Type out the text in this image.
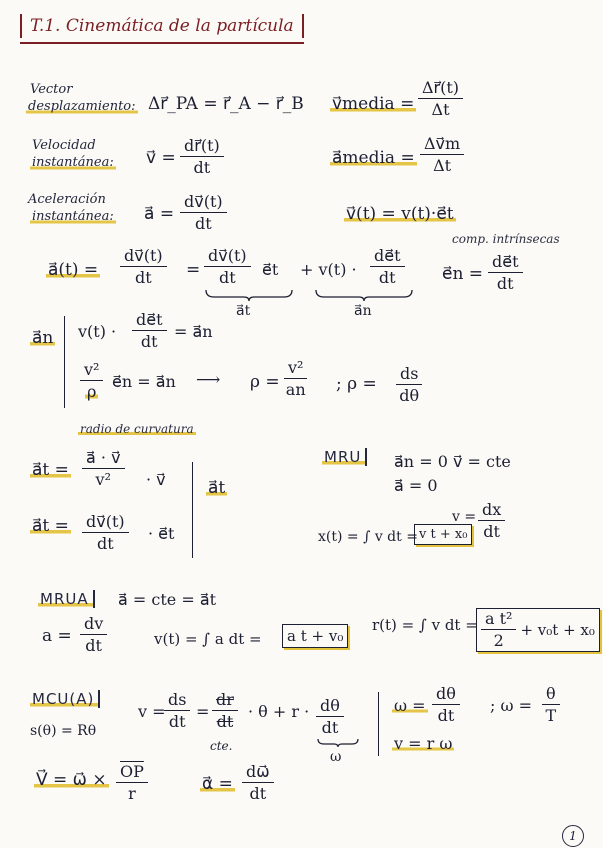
T.1. Cinemática de la partícula
Vector
desplazamiento:
Velocidad
instantánea:
Aceleración
instantánea:
Δr⃗_PA = r⃗_A − r⃗_B v⃗media = $\frac{\Delta r⃗(t)}{\Delta t}$
v⃗ = $\frac{dr⃗(t)}{dt}$	a⃗media = $\frac{\Delta v⃗m}{\Delta t}$
a⃗ = $\frac{dv⃗(t)}{dt}$	v⃗(t) = v(t)·e⃗t
comp. intrínsecas
a⃗(t) = $\frac{dv⃗(t)}{dt} = \frac{dv⃗(t)}{dt}$ e⃗t + $v(t) \cdot \frac{de⃗t}{dt}$
a⃗t	a⃗n
e⃗n = $\frac{de⃗t}{dt}$
a⃗n $v(t) \cdot \frac{de⃗t}{dt}$ = a⃗n
$\frac{\text{v²}}{\rho}$ e⃗n = a⃗n ⟶ $\rho = \frac{\text{v²}}{an}$ ; $\rho = \frac{ds}{d\theta}$
radio de curvatura
a⃗t = $\frac{a⃗ \cdot v⃗}{\text{v²}}$ · v⃗
a⃗t = $\frac{dv⃗(t)}{dt}$ · e⃗t
a⃗t
MRU	a⃗n = 0 v⃗ = cte
a⃗ = 0
$v = \frac{dx}{dt}$
x(t) = ∫ v dt = v t + x₀
MRUA	a⃗ = cte = a⃗t
$a = \frac{dv}{dt}$	v(t) = ∫ a dt =	a t + v₀
r(t) = ∫ v dt = $\frac{\text{a t²}}{2} + v_0t + x_0$
MCU(A)
s(θ) = Rθ
v =
$\frac{ds}{dt} = \frac{dr}{dt}$
cte.
· $\theta + r \cdot \frac{d\theta}{dt}$
ω
$\omega = \frac{d\theta}{dt}$ ; $\omega = \frac{\theta}{T}$
v = r ω
V⃗ = ω⃗ × $\frac{\overline{OP}}{r}$	α⃗ = $\frac{d\omega⃗}{dt}$
1
